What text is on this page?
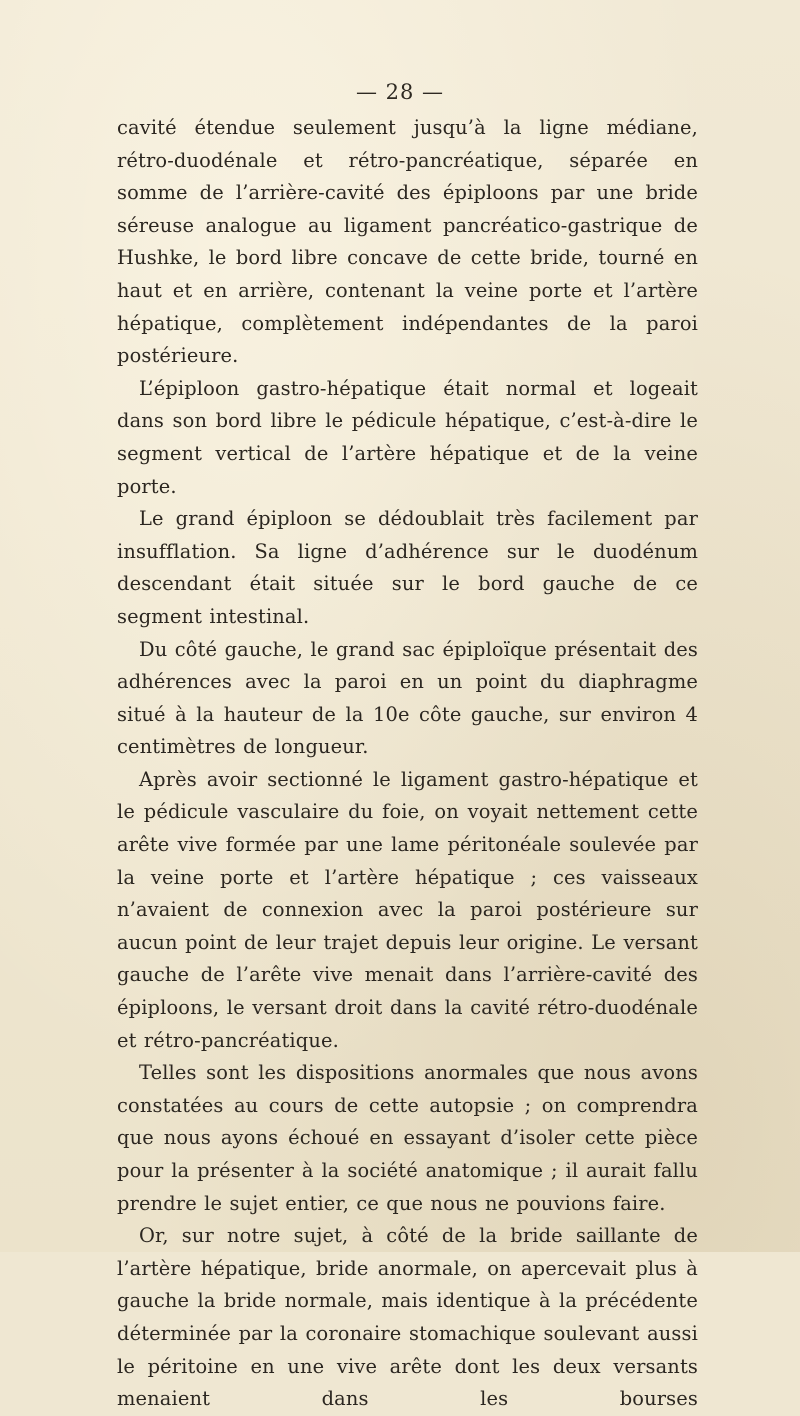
— 28 —

cavité étendue seulement jusqu’à la ligne médiane, rétro-duodénale et rétro-pancréatique, séparée en somme de l’arrière-cavité des épiploons par une bride séreuse analogue au ligament pancréatico-gastrique de Hushke, le bord libre concave de cette bride, tourné en haut et en arrière, contenant la veine porte et l’artère hépatique, complètement indépendantes de la paroi postérieure.

L’épiploon gastro-hépatique était normal et logeait dans son bord libre le pédicule hépatique, c’est-à-dire le segment vertical de l’artère hépatique et de la veine porte.

Le grand épiploon se dédoublait très facilement par insufflation. Sa ligne d’adhérence sur le duodénum descendant était située sur le bord gauche de ce segment intestinal.

Du côté gauche, le grand sac épiploïque présentait des adhérences avec la paroi en un point du diaphragme situé à la hauteur de la 10e côte gauche, sur environ 4 centimètres de longueur.

Après avoir sectionné le ligament gastro-hépatique et le pédicule vasculaire du foie, on voyait nettement cette arête vive formée par une lame péritonéale soulevée par la veine porte et l’artère hépatique ; ces vaisseaux n’avaient de connexion avec la paroi postérieure sur aucun point de leur trajet depuis leur origine. Le versant gauche de l’arête vive menait dans l’arrière-cavité des épiploons, le versant droit dans la cavité rétro-duodénale et rétro-pancréatique.

Telles sont les dispositions anormales que nous avons constatées au cours de cette autopsie ; on comprendra que nous ayons échoué en essayant d’isoler cette pièce pour la présenter à la société anatomique ; il aurait fallu prendre le sujet entier, ce que nous ne pouvions faire.

Or, sur notre sujet, à côté de la bride saillante de l’artère hépatique, bride anormale, on apercevait plus à gauche la bride normale, mais identique à la précédente déterminée par la coronaire stomachique soulevant aussi le péritoine en une vive arête dont les deux versants menaient dans les bourses
